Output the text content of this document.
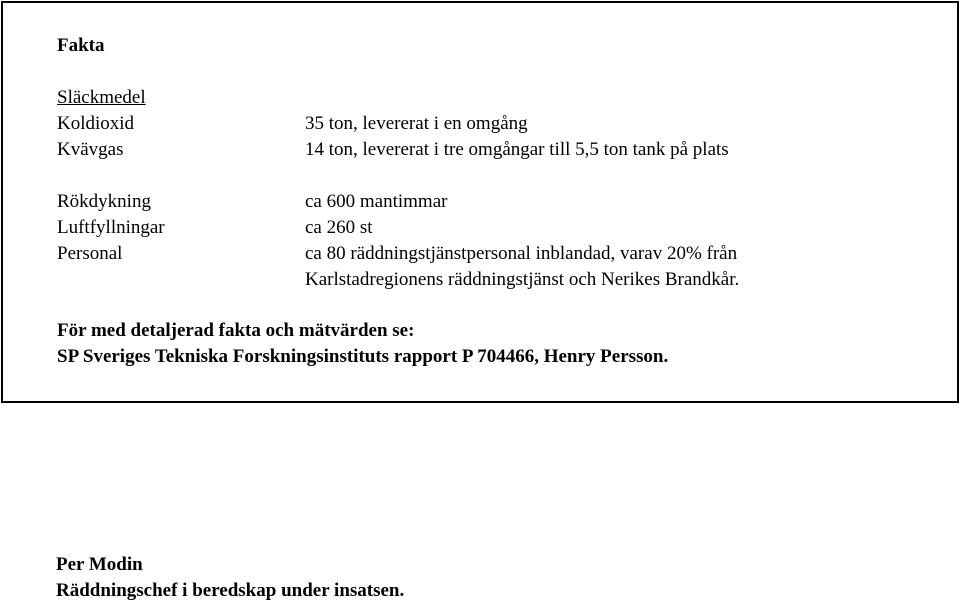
Fakta
Släckmedel
Koldioxid	35 ton, levererat i en omgång
Kvävgas	14 ton, levererat i tre omgångar till 5,5 ton tank på plats
Rökdykning	ca 600 mantimmar
Luftfyllningar	ca 260 st
Personal	ca 80 räddningstjänstpersonal inblandad, varav 20% från
Karlstadregionens räddningstjänst och Nerikes Brandkår.
För med detaljerad fakta och mätvärden se:
SP Sveriges Tekniska Forskningsinstituts rapport P 704466, Henry Persson.
Per Modin
Räddningschef i beredskap under insatsen.
